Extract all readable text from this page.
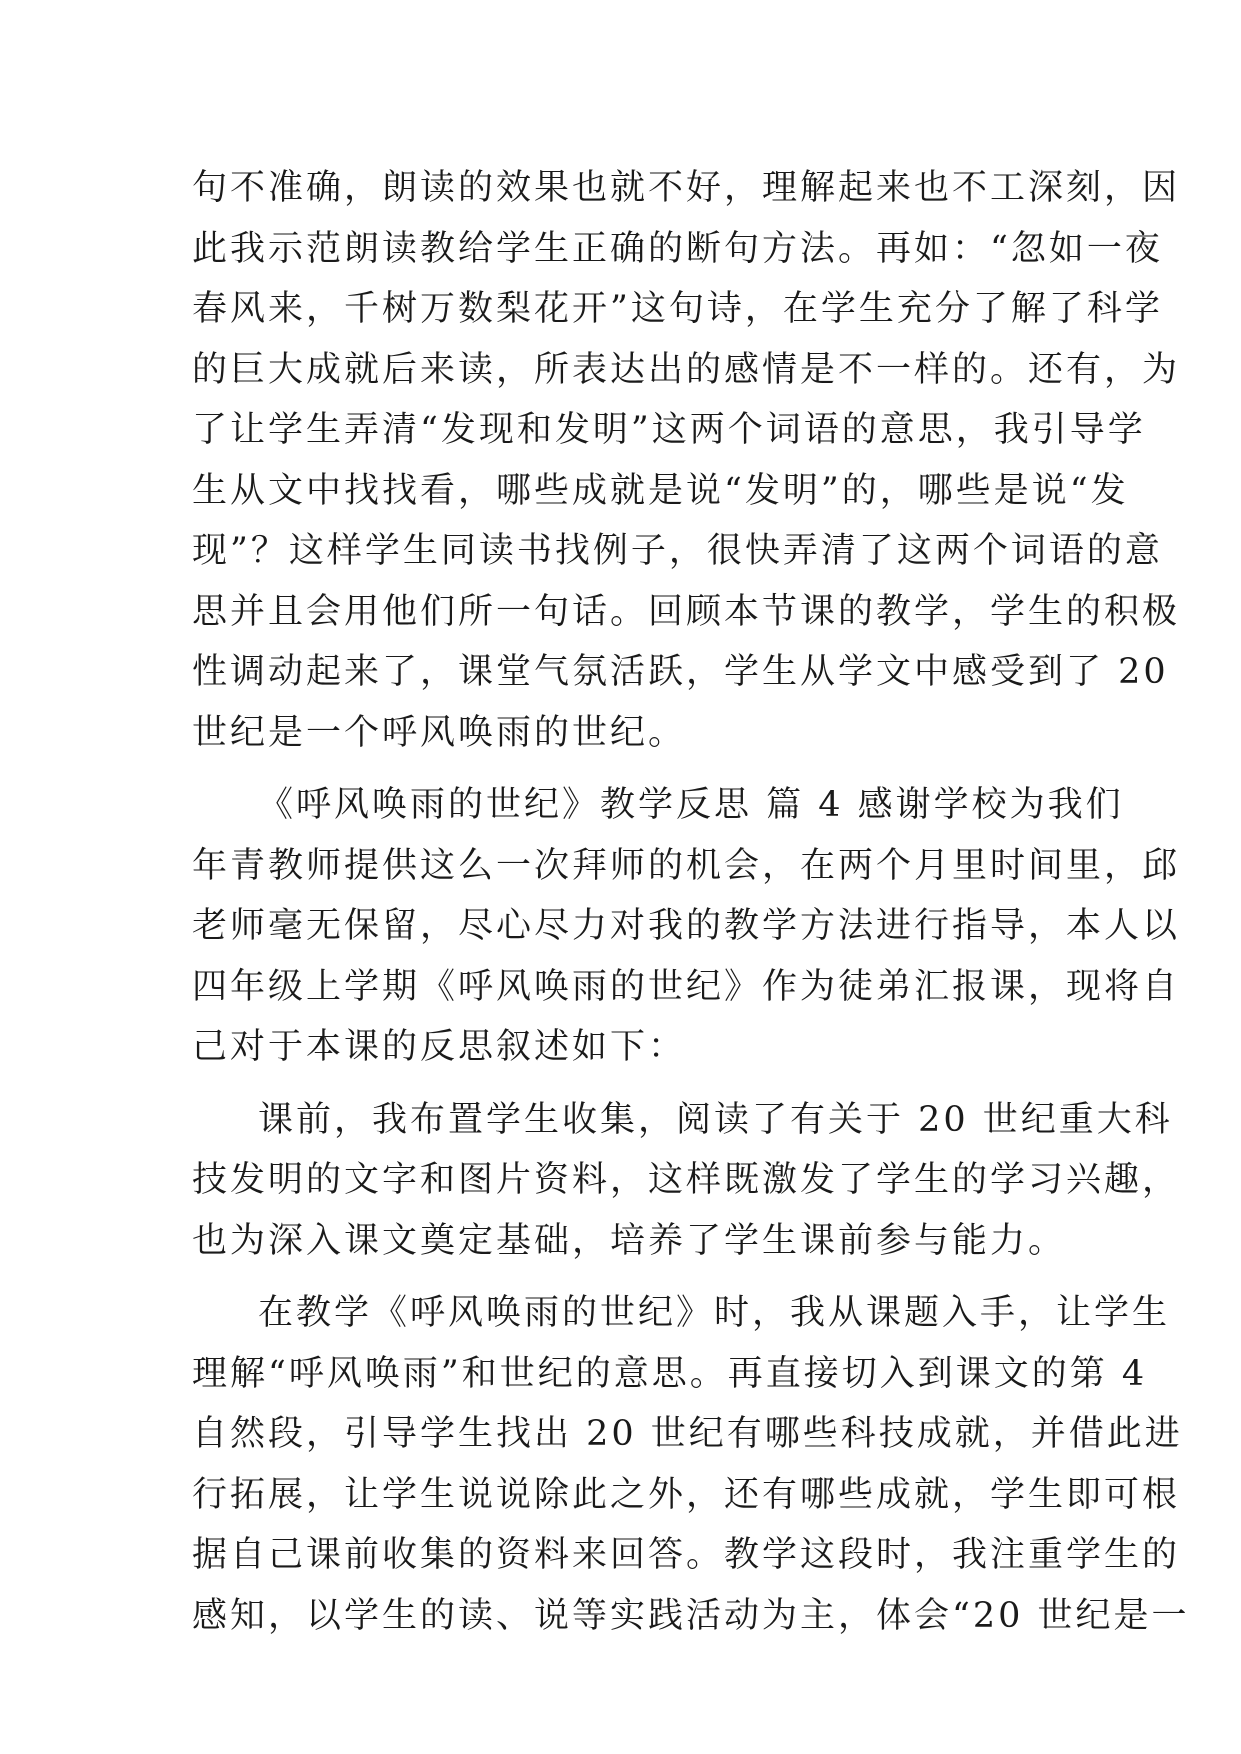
句不准确，朗读的效果也就不好，理解起来也不工深刻，因
此我示范朗读教给学生正确的断句方法。再如：“忽如一夜
春风来，千树万数梨花开”这句诗，在学生充分了解了科学
的巨大成就后来读，所表达出的感情是不一样的。还有，为
了让学生弄清“发现和发明”这两个词语的意思，我引导学
生从文中找找看，哪些成就是说“发明”的，哪些是说“发
现”？这样学生同读书找例子，很快弄清了这两个词语的意
思并且会用他们所一句话。回顾本节课的教学，学生的积极
性调动起来了，课堂气氛活跃，学生从学文中感受到了 20
世纪是一个呼风唤雨的世纪。
《呼风唤雨的世纪》教学反思 篇 4 感谢学校为我们
年青教师提供这么一次拜师的机会，在两个月里时间里，邱
老师毫无保留，尽心尽力对我的教学方法进行指导，本人以
四年级上学期《呼风唤雨的世纪》作为徒弟汇报课，现将自
己对于本课的反思叙述如下：
课前，我布置学生收集，阅读了有关于 20 世纪重大科
技发明的文字和图片资料，这样既激发了学生的学习兴趣，
也为深入课文奠定基础，培养了学生课前参与能力。
在教学《呼风唤雨的世纪》时，我从课题入手，让学生
理解“呼风唤雨”和世纪的意思。再直接切入到课文的第 4
自然段，引导学生找出 20 世纪有哪些科技成就，并借此进
行拓展，让学生说说除此之外，还有哪些成就，学生即可根
据自己课前收集的资料来回答。教学这段时，我注重学生的
感知，以学生的读、说等实践活动为主，体会“20 世纪是一
